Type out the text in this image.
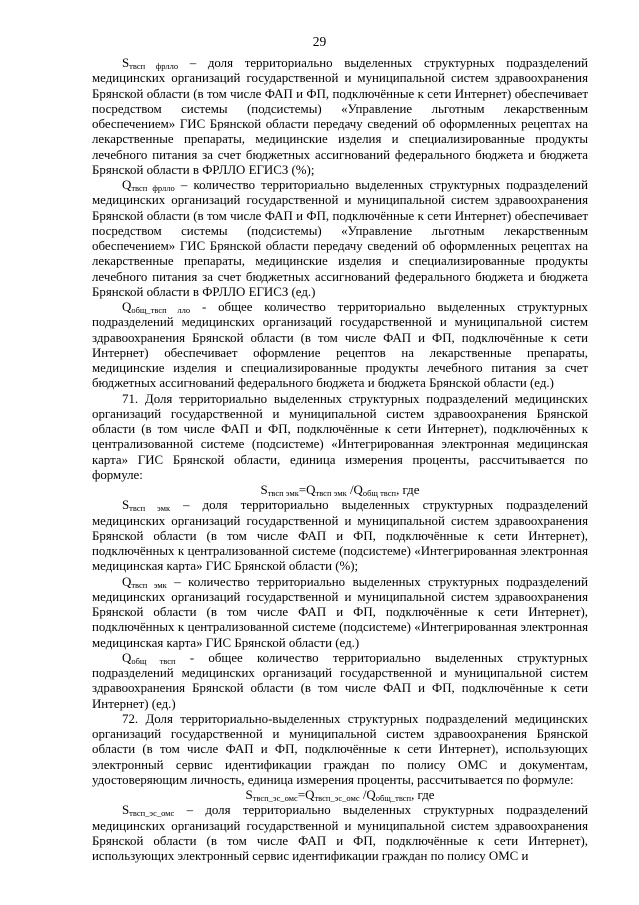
29

$S_{твсп фрлло}$ – доля территориально выделенных структурных подразделений медицинских организаций государственной и муниципальной систем здравоохранения Брянской области (в том числе ФАП и ФП, подключённые к сети Интернет) обеспечивает посредством системы (подсистемы) «Управление льготным лекарственным обеспечением» ГИС Брянской области передачу сведений об оформленных рецептах на лекарственные препараты, медицинские изделия и специализированные продукты лечебного питания за счет бюджетных ассигнований федерального бюджета и бюджета Брянской области в ФРЛЛО ЕГИСЗ (%);

$Q_{твсп фрлло}$ – количество территориально выделенных структурных подразделений медицинских организаций государственной и муниципальной систем здравоохранения Брянской области (в том числе ФАП и ФП, подключённые к сети Интернет) обеспечивает посредством системы (подсистемы) «Управление льготным лекарственным обеспечением» ГИС Брянской области передачу сведений об оформленных рецептах на лекарственные препараты, медицинские изделия и специализированные продукты лечебного питания за счет бюджетных ассигнований федерального бюджета и бюджета Брянской области в ФРЛЛО ЕГИСЗ (ед.)

$Q_{общ\_твсп ллo}$ - общее количество территориально выделенных структурных подразделений медицинских организаций государственной и муниципальной систем здравоохранения Брянской области (в том числе ФАП и ФП, подключённые к сети Интернет) обеспечивает оформление рецептов на лекарственные препараты, медицинские изделия и специализированные продукты лечебного питания за счет бюджетных ассигнований федерального бюджета и бюджета Брянской области (ед.)

71. Доля территориально выделенных структурных подразделений медицинских организаций государственной и муниципальной систем здравоохранения Брянской области (в том числе ФАП и ФП, подключённые к сети Интернет), подключённых к централизованной системе (подсистеме) «Интегрированная электронная медицинская карта» ГИС Брянской области, единица измерения проценты, рассчитывается по формуле:

$S_{твсп эмк}=Q_{твсп эмк}$ $/Q_{общ твсп}$, где

$S_{твсп эмк}$ – доля территориально выделенных структурных подразделений медицинских организаций государственной и муниципальной систем здравоохранения Брянской области (в том числе ФАП и ФП, подключённые к сети Интернет), подключённых к централизованной системе (подсистеме) «Интегрированная электронная медицинская карта» ГИС Брянской области (%);

$Q_{твсп эмк}$ – количество территориально выделенных структурных подразделений медицинских организаций государственной и муниципальной систем здравоохранения Брянской области (в том числе ФАП и ФП, подключённые к сети Интернет), подключённых к централизованной системе (подсистеме) «Интегрированная электронная медицинская карта» ГИС Брянской области (ед.)

$Q_{общ твсп}$ - общее количество территориально выделенных структурных подразделений медицинских организаций государственной и муниципальной систем здравоохранения Брянской области (в том числе ФАП и ФП, подключённые к сети Интернет) (ед.)

72. Доля территориально-выделенных структурных подразделений медицинских организаций государственной и муниципальной систем здравоохранения Брянской области (в том числе ФАП и ФП, подключённые к сети Интернет), использующих электронный сервис идентификации граждан по полису ОМС и документам, удостоверяющим личность, единица измерения проценты, рассчитывается по формуле:

$S_{твсп\_эс\_омс}=Q_{твсп\_эс\_омс}$ $/Q_{общ\_твсп}$, где

$S_{твсп\_эс\_омс}$ – доля территориально выделенных структурных подразделений медицинских организаций государственной и муниципальной систем здравоохранения Брянской области (в том числе ФАП и ФП, подключённые к сети Интернет), использующих электронный сервис идентификации граждан по полису ОМС и
